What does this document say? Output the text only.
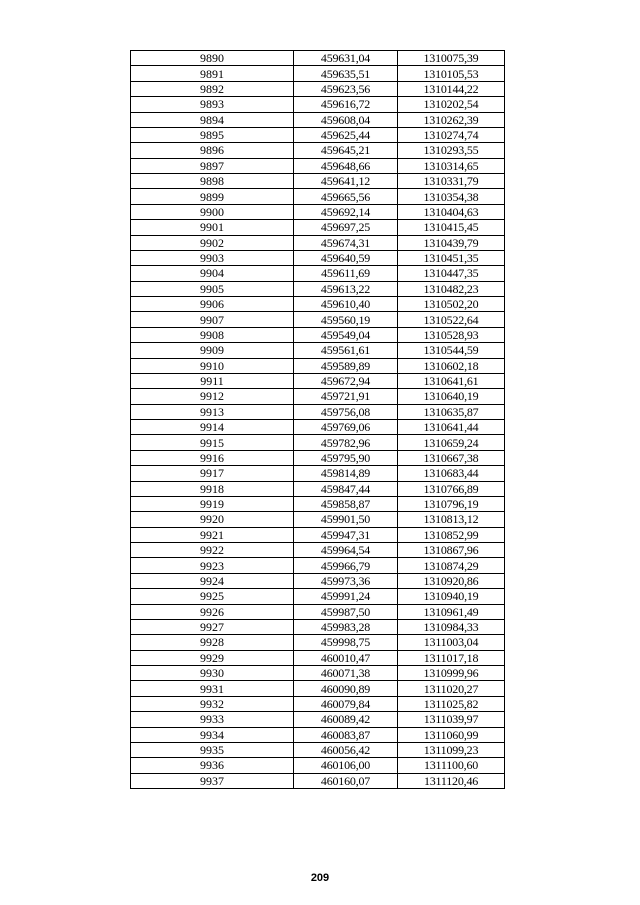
9890	459631,04	1310075,39
9891	459635,51	1310105,53
9892	459623,56	1310144,22
9893	459616,72	1310202,54
9894	459608,04	1310262,39
9895	459625,44	1310274,74
9896	459645,21	1310293,55
9897	459648,66	1310314,65
9898	459641,12	1310331,79
9899	459665,56	1310354,38
9900	459692,14	1310404,63
9901	459697,25	1310415,45
9902	459674,31	1310439,79
9903	459640,59	1310451,35
9904	459611,69	1310447,35
9905	459613,22	1310482,23
9906	459610,40	1310502,20
9907	459560,19	1310522,64
9908	459549,04	1310528,93
9909	459561,61	1310544,59
9910	459589,89	1310602,18
9911	459672,94	1310641,61
9912	459721,91	1310640,19
9913	459756,08	1310635,87
9914	459769,06	1310641,44
9915	459782,96	1310659,24
9916	459795,90	1310667,38
9917	459814,89	1310683,44
9918	459847,44	1310766,89
9919	459858,87	1310796,19
9920	459901,50	1310813,12
9921	459947,31	1310852,99
9922	459964,54	1310867,96
9923	459966,79	1310874,29
9924	459973,36	1310920,86
9925	459991,24	1310940,19
9926	459987,50	1310961,49
9927	459983,28	1310984,33
9928	459998,75	1311003,04
9929	460010,47	1311017,18
9930	460071,38	1310999,96
9931	460090,89	1311020,27
9932	460079,84	1311025,82
9933	460089,42	1311039,97
9934	460083,87	1311060,99
9935	460056,42	1311099,23
9936	460106,00	1311100,60
9937	460160,07	1311120,46
209
